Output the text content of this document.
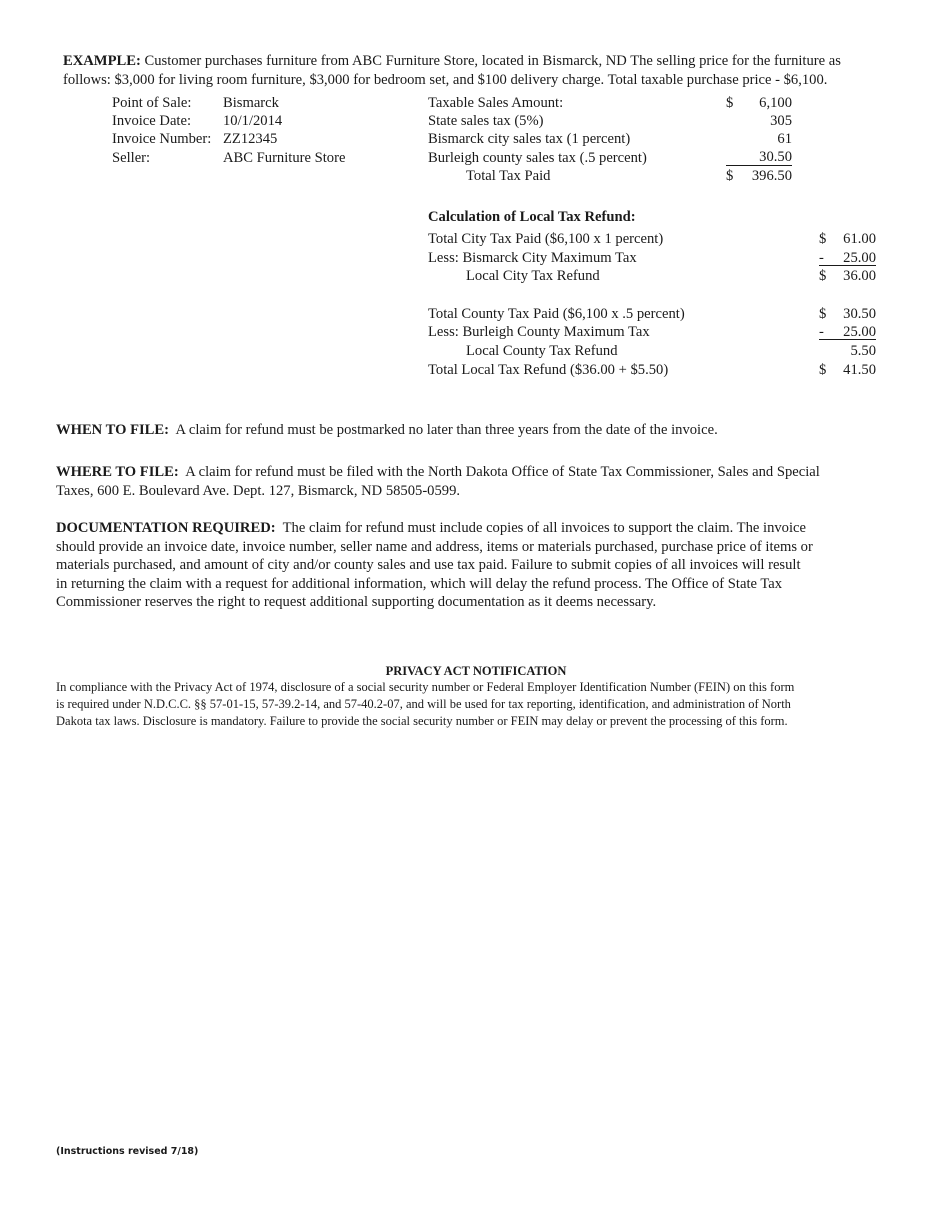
EXAMPLE: Customer purchases furniture from ABC Furniture Store, located in Bismarck, ND The selling price for the furniture as
follows: $3,000 for living room furniture, $3,000 for bedroom set, and $100 delivery charge. Total taxable purchase price - $6,100.
Point of Sale: Bismarck
Invoice Date: 10/1/2014
Invoice Number: ZZ12345
Seller:	ABC Furniture Store
Taxable Sales Amount:	$	6,100
State sales tax (5%)	305
Bismarck city sales tax (1 percent)	61
Burleigh county sales tax (.5 percent)	30.50
Total Tax Paid	$	396.50
Calculation of Local Tax Refund:
Total City Tax Paid ($6,100 x 1 percent)	$	61.00
Less: Bismarck City Maximum Tax	-	25.00
Local City Tax Refund	$	36.00
Total County Tax Paid ($6,100 x .5 percent)	$	30.50
Less: Burleigh County Maximum Tax	-	25.00
Local County Tax Refund	5.50
Total Local Tax Refund ($36.00 + $5.50)	$	41.50
WHEN TO FILE: A claim for refund must be postmarked no later than three years from the date of the invoice.
WHERE TO FILE: A claim for refund must be filed with the North Dakota Office of State Tax Commissioner, Sales and Special
Taxes, 600 E. Boulevard Ave. Dept. 127, Bismarck, ND 58505-0599.
DOCUMENTATION REQUIRED: The claim for refund must include copies of all invoices to support the claim. The invoice
should provide an invoice date, invoice number, seller name and address, items or materials purchased, purchase price of items or
materials purchased, and amount of city and/or county sales and use tax paid. Failure to submit copies of all invoices will result
in returning the claim with a request for additional information, which will delay the refund process. The Office of State Tax
Commissioner reserves the right to request additional supporting documentation as it deems necessary.
PRIVACY ACT NOTIFICATION
In compliance with the Privacy Act of 1974, disclosure of a social security number or Federal Employer Identification Number (FEIN) on this form
is required under N.D.C.C. §§ 57-01-15, 57-39.2-14, and 57-40.2-07, and will be used for tax reporting, identification, and administration of North
Dakota tax laws. Disclosure is mandatory. Failure to provide the social security number or FEIN may delay or prevent the processing of this form.
(Instructions revised 7/18)
